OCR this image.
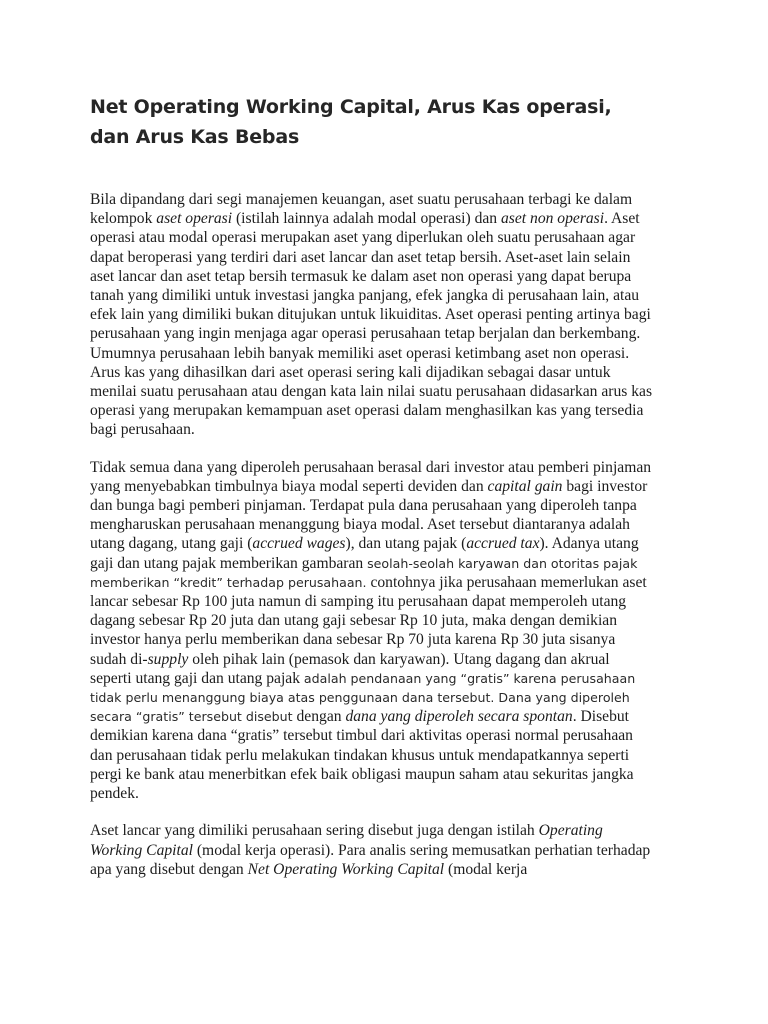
Net Operating Working Capital, Arus Kas operasi, dan Arus Kas Bebas

Bila dipandang dari segi manajemen keuangan, aset suatu perusahaan terbagi ke dalam kelompok aset operasi (istilah lainnya adalah modal operasi) dan aset non operasi. Aset operasi atau modal operasi merupakan aset yang diperlukan oleh suatu perusahaan agar dapat beroperasi yang terdiri dari aset lancar dan aset tetap bersih. Aset-aset lain selain aset lancar dan aset tetap bersih termasuk ke dalam aset non operasi yang dapat berupa tanah yang dimiliki untuk investasi jangka panjang, efek jangka di perusahaan lain, atau efek lain yang dimiliki bukan ditujukan untuk likuiditas. Aset operasi penting artinya bagi perusahaan yang ingin menjaga agar operasi perusahaan tetap berjalan dan berkembang. Umumnya perusahaan lebih banyak memiliki aset operasi ketimbang aset non operasi. Arus kas yang dihasilkan dari aset operasi sering kali dijadikan sebagai dasar untuk menilai suatu perusahaan atau dengan kata lain nilai suatu perusahaan didasarkan arus kas operasi yang merupakan kemampuan aset operasi dalam menghasilkan kas yang tersedia bagi perusahaan.

Tidak semua dana yang diperoleh perusahaan berasal dari investor atau pemberi pinjaman yang menyebabkan timbulnya biaya modal seperti deviden dan capital gain bagi investor dan bunga bagi pemberi pinjaman. Terdapat pula dana perusahaan yang diperoleh tanpa mengharuskan perusahaan menanggung biaya modal. Aset tersebut diantaranya adalah utang dagang, utang gaji (accrued wages), dan utang pajak (accrued tax). Adanya utang gaji dan utang pajak memberikan gambaran seolah-seolah karyawan dan otoritas pajak memberikan “kredit” terhadap perusahaan. contohnya jika perusahaan memerlukan aset lancar sebesar Rp 100 juta namun di samping itu perusahaan dapat memperoleh utang dagang sebesar Rp 20 juta dan utang gaji sebesar Rp 10 juta, maka dengan demikian investor hanya perlu memberikan dana sebesar Rp 70 juta karena Rp 30 juta sisanya sudah di-supply oleh pihak lain (pemasok dan karyawan). Utang dagang dan akrual seperti utang gaji dan utang pajak adalah pendanaan yang “gratis” karena perusahaan tidak perlu menanggung biaya atas penggunaan dana tersebut. Dana yang diperoleh secara “gratis” tersebut disebut dengan dana yang diperoleh secara spontan. Disebut demikian karena dana “gratis” tersebut timbul dari aktivitas operasi normal perusahaan dan perusahaan tidak perlu melakukan tindakan khusus untuk mendapatkannya seperti pergi ke bank atau menerbitkan efek baik obligasi maupun saham atau sekuritas jangka pendek.

Aset lancar yang dimiliki perusahaan sering disebut juga dengan istilah Operating Working Capital (modal kerja operasi). Para analis sering memusatkan perhatian terhadap apa yang disebut dengan Net Operating Working Capital (modal kerja
